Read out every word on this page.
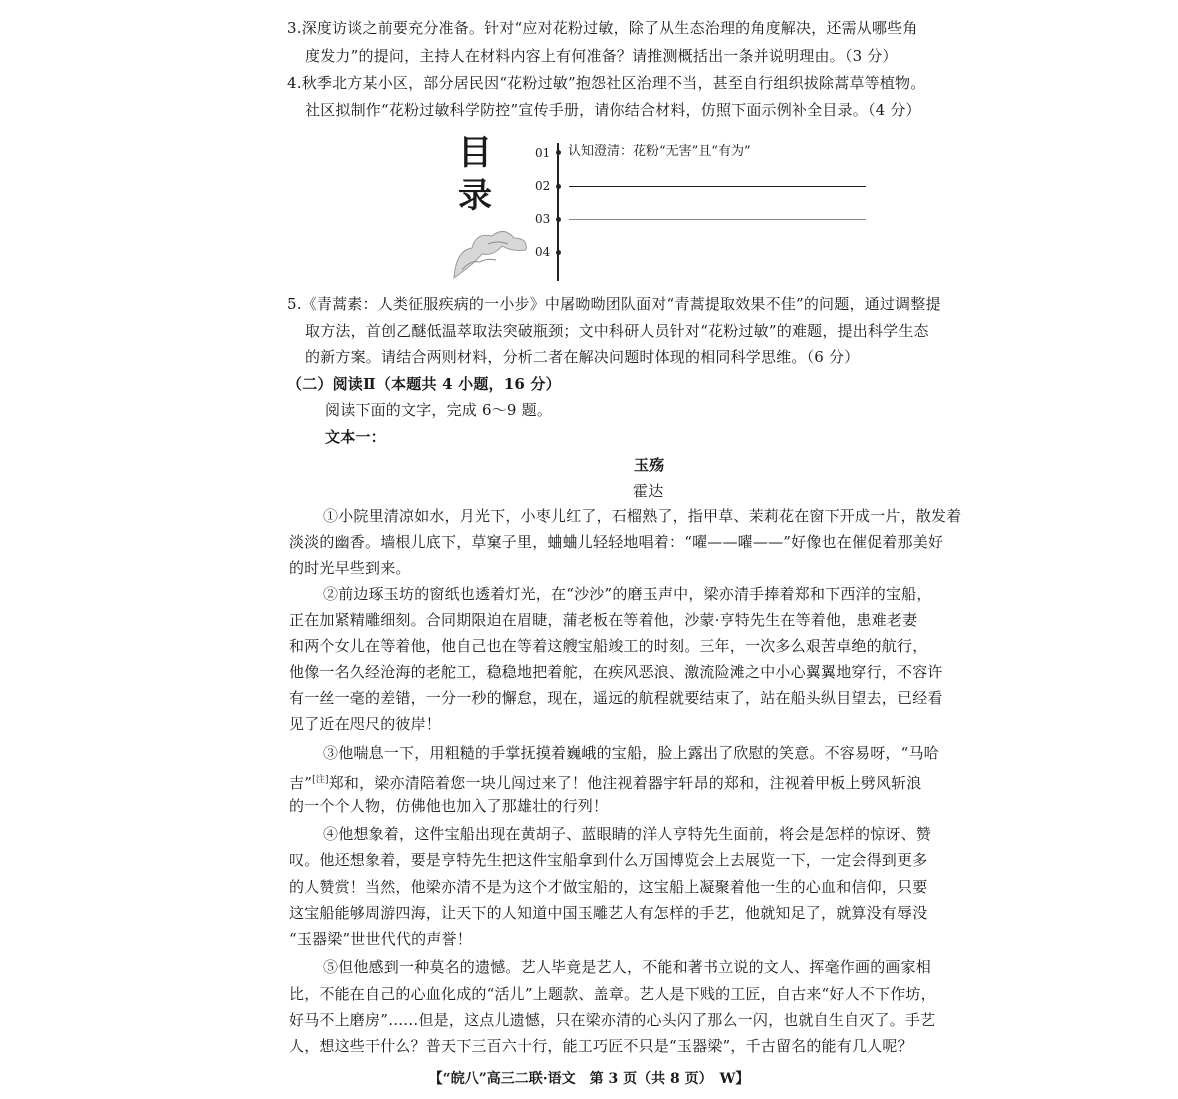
3.深度访谈之前要充分准备。针对“应对花粉过敏，除了从生态治理的角度解决，还需从哪些角
度发力”的提问，主持人在材料内容上有何准备？请推测概括出一条并说明理由。（3 分）
4.秋季北方某小区，部分居民因“花粉过敏”抱怨社区治理不当，甚至自行组织拔除蒿草等植物。
社区拟制作“花粉过敏科学防控”宣传手册，请你结合材料，仿照下面示例补全目录。（4 分）
目
录
01 认知澄清：花粉“无害”且“有为”
02
03
04
5.《青蒿素：人类征服疾病的一小步》中屠呦呦团队面对“青蒿提取效果不佳”的问题，通过调整提
取方法，首创乙醚低温萃取法突破瓶颈；文中科研人员针对“花粉过敏”的难题，提出科学生态
的新方案。请结合两则材料，分析二者在解决问题时体现的相同科学思维。（6 分）
（二）阅读Ⅱ（本题共 4 小题，16 分）
阅读下面的文字，完成 6～9 题。
文本一：
玉殇
霍达
①小院里清凉如水，月光下，小枣儿红了，石榴熟了，指甲草、茉莉花在窗下开成一片，散发着
淡淡的幽香。墙根儿底下，草窠子里，蛐蛐儿轻轻地唱着：“嚁——嚁——”好像也在催促着那美好
的时光早些到来。
②前边琢玉坊的窗纸也透着灯光，在“沙沙”的磨玉声中，梁亦清手捧着郑和下西洋的宝船，
正在加紧精雕细刻。合同期限迫在眉睫，蒲老板在等着他，沙蒙·亨特先生在等着他，患难老妻
和两个女儿在等着他，他自己也在等着这艘宝船竣工的时刻。三年，一次多么艰苦卓绝的航行，
他像一名久经沧海的老舵工，稳稳地把着舵，在疾风恶浪、激流险滩之中小心翼翼地穿行，不容许
有一丝一毫的差错，一分一秒的懈怠，现在，遥远的航程就要结束了，站在船头纵目望去，已经看
见了近在咫尺的彼岸！
③他喘息一下，用粗糙的手掌抚摸着巍峨的宝船，脸上露出了欣慰的笑意。不容易呀，“马哈
吉”[注]郑和，梁亦清陪着您一块儿闯过来了！他注视着器宇轩昂的郑和，注视着甲板上劈风斩浪
的一个个人物，仿佛他也加入了那雄壮的行列！
④他想象着，这件宝船出现在黄胡子、蓝眼睛的洋人亨特先生面前，将会是怎样的惊讶、赞
叹。他还想象着，要是亨特先生把这件宝船拿到什么万国博览会上去展览一下，一定会得到更多
的人赞赏！当然，他梁亦清不是为这个才做宝船的，这宝船上凝聚着他一生的心血和信仰，只要
这宝船能够周游四海，让天下的人知道中国玉雕艺人有怎样的手艺，他就知足了，就算没有辱没
“玉器梁”世世代代的声誉！
⑤但他感到一种莫名的遗憾。艺人毕竟是艺人，不能和著书立说的文人、挥毫作画的画家相
比，不能在自己的心血化成的“活儿”上题款、盖章。艺人是下贱的工匠，自古来“好人不下作坊，
好马不上磨房”……但是，这点儿遗憾，只在梁亦清的心头闪了那么一闪，也就自生自灭了。手艺
人，想这些干什么？普天下三百六十行，能工巧匠不只是“玉器梁”，千古留名的能有几人呢？
【“皖八”高三二联·语文　第 3 页（共 8 页）　W】
